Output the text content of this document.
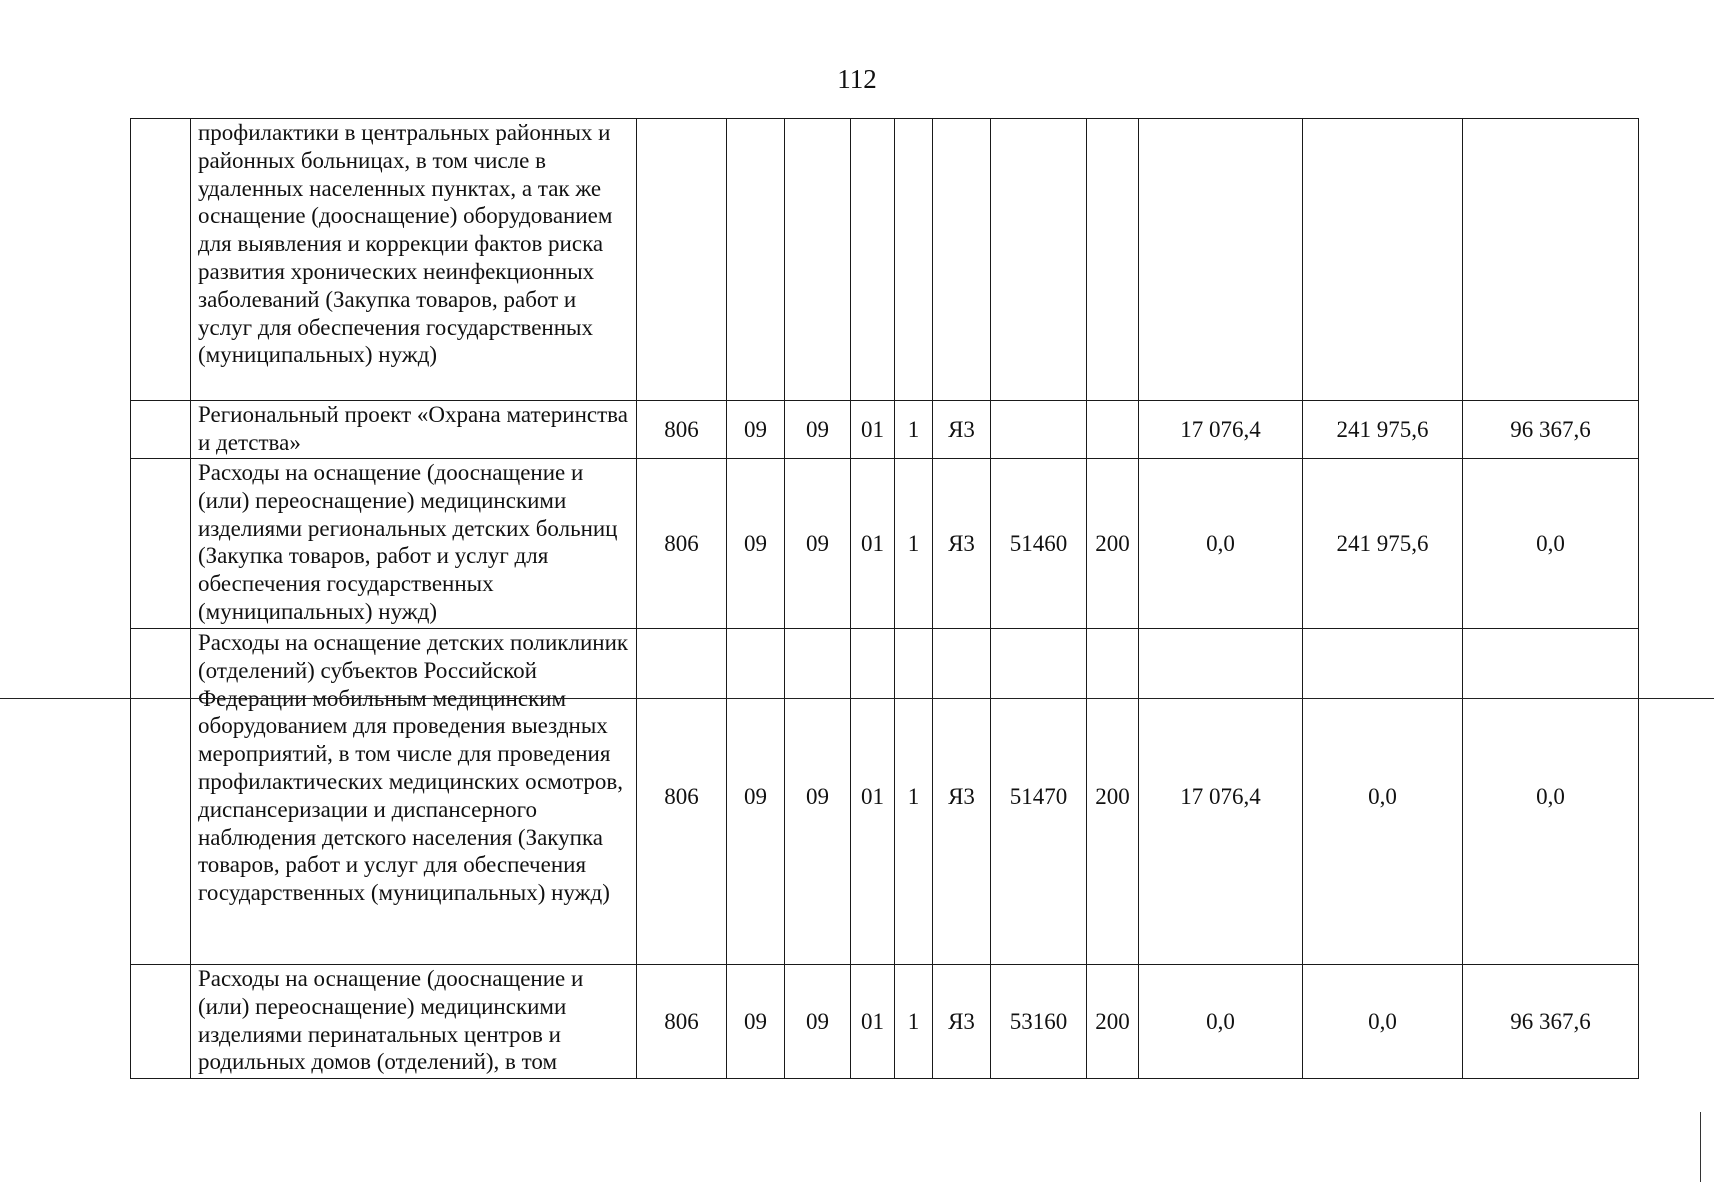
112
	профилактики в центральных районных и районных больницах, в том числе в удаленных населенных пунктах, а так же оснащение (дооснащение) оборудованием для выявления и коррекции фактов риска развития хронических неинфекционных заболеваний (Закупка товаров, работ и услуг для обеспечения государственных (муниципальных) нужд)											
	Региональный проект «Охрана материнства и детства»	806	09	09	01	1	Я3			17 076,4	241 975,6	96 367,6
	Расходы на оснащение (дооснащение и (или) переоснащение) медицинскими изделиями региональных детских больниц (Закупка товаров, работ и услуг для обеспечения государственных (муниципальных) нужд)	806	09	09	01	1	Я3	51460	200	0,0	241 975,6	0,0
	Расходы на оснащение детских поликлиник (отделений) субъектов Российской Федерации мобильным медицинским оборудованием для проведения выездных мероприятий, в том числе для проведения профилактических медицинских осмотров, диспансеризации и диспансерного наблюдения детского населения (Закупка товаров, работ и услуг для обеспечения государственных (муниципальных) нужд)	806	09	09	01	1	Я3	51470	200	17 076,4	0,0	0,0
	Расходы на оснащение (дооснащение и (или) переоснащение) медицинскими изделиями перинатальных центров и родильных домов (отделений), в том	806	09	09	01	1	Я3	53160	200	0,0	0,0	96 367,6
